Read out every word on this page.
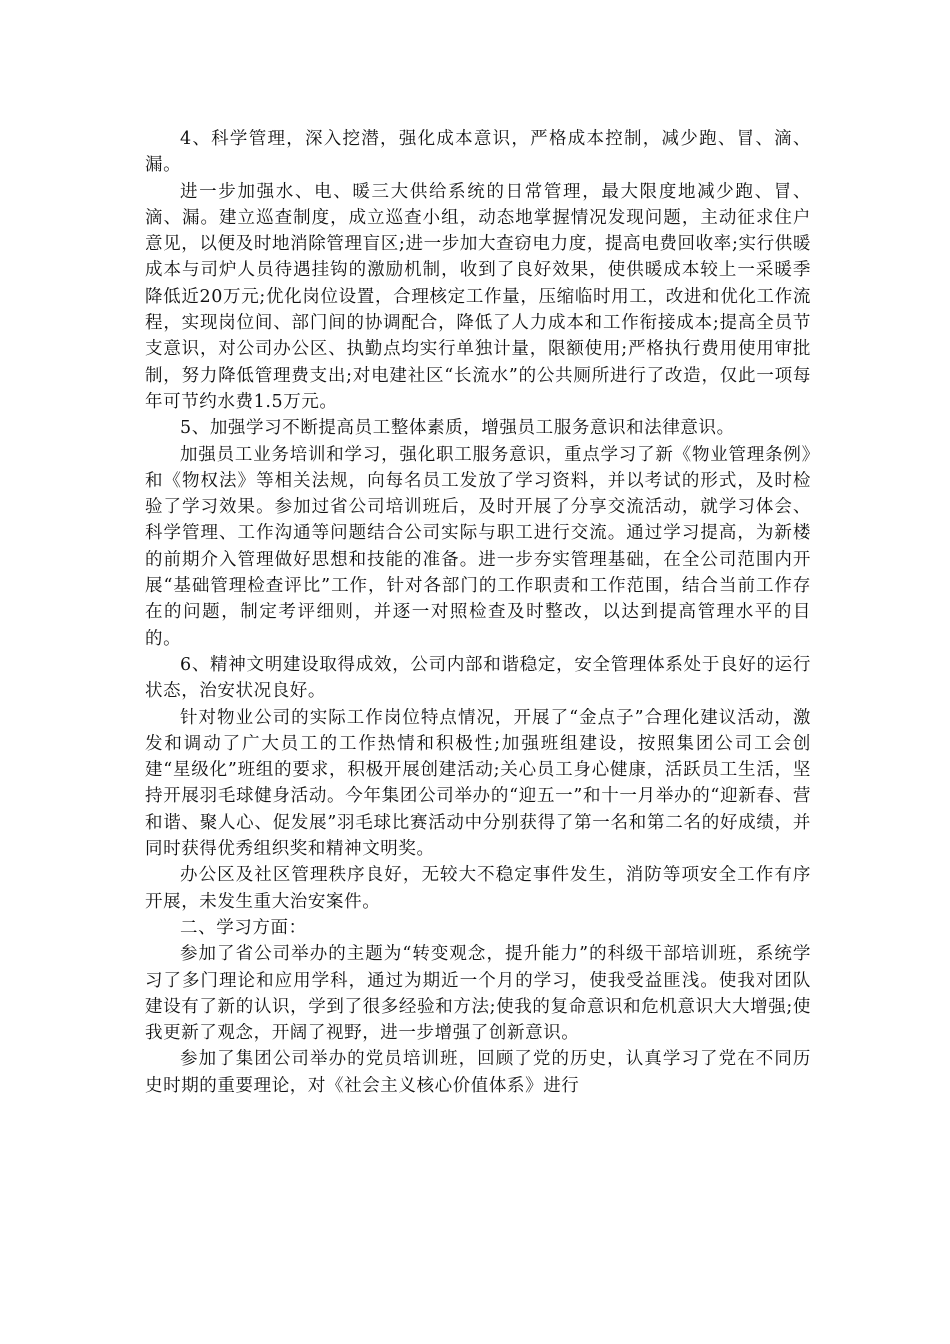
4、科学管理，深入挖潜，强化成本意识，严格成本控制，减少跑、冒、滴、漏。

进一步加强水、电、暖三大供给系统的日常管理，最大限度地减少跑、冒、滴、漏。建立巡查制度，成立巡查小组，动态地掌握情况发现问题，主动征求住户意见，以便及时地消除管理盲区;进一步加大查窃电力度，提高电费回收率;实行供暖成本与司炉人员待遇挂钩的激励机制，收到了良好效果，使供暖成本较上一采暖季降低近20万元;优化岗位设置，合理核定工作量，压缩临时用工，改进和优化工作流程，实现岗位间、部门间的协调配合，降低了人力成本和工作衔接成本;提高全员节支意识，对公司办公区、执勤点均实行单独计量，限额使用;严格执行费用使用审批制，努力降低管理费支出;对电建社区“长流水”的公共厕所进行了改造，仅此一项每年可节约水费1.5万元。

5、加强学习不断提高员工整体素质，增强员工服务意识和法律意识。

加强员工业务培训和学习，强化职工服务意识，重点学习了新《物业管理条例》和《物权法》等相关法规，向每名员工发放了学习资料，并以考试的形式，及时检验了学习效果。参加过省公司培训班后，及时开展了分享交流活动，就学习体会、科学管理、工作沟通等问题结合公司实际与职工进行交流。通过学习提高，为新楼的前期介入管理做好思想和技能的准备。进一步夯实管理基础，在全公司范围内开展“基础管理检查评比”工作，针对各部门的工作职责和工作范围，结合当前工作存在的问题，制定考评细则，并逐一对照检查及时整改，以达到提高管理水平的目的。

6、精神文明建设取得成效，公司内部和谐稳定，安全管理体系处于良好的运行状态，治安状况良好。

针对物业公司的实际工作岗位特点情况，开展了“金点子”合理化建议活动，激发和调动了广大员工的工作热情和积极性;加强班组建设，按照集团公司工会创建“星级化”班组的要求，积极开展创建活动;关心员工身心健康，活跃员工生活，坚持开展羽毛球健身活动。今年集团公司举办的“迎五一”和十一月举办的“迎新春、营和谐、聚人心、促发展”羽毛球比赛活动中分别获得了第一名和第二名的好成绩，并同时获得优秀组织奖和精神文明奖。

办公区及社区管理秩序良好，无较大不稳定事件发生，消防等项安全工作有序开展，未发生重大治安案件。

二、学习方面：

参加了省公司举办的主题为“转变观念，提升能力”的科级干部培训班，系统学习了多门理论和应用学科，通过为期近一个月的学习，使我受益匪浅。使我对团队建设有了新的认识，学到了很多经验和方法;使我的复命意识和危机意识大大增强;使我更新了观念，开阔了视野，进一步增强了创新意识。

参加了集团公司举办的党员培训班，回顾了党的历史，认真学习了党在不同历史时期的重要理论，对《社会主义核心价值体系》进行
